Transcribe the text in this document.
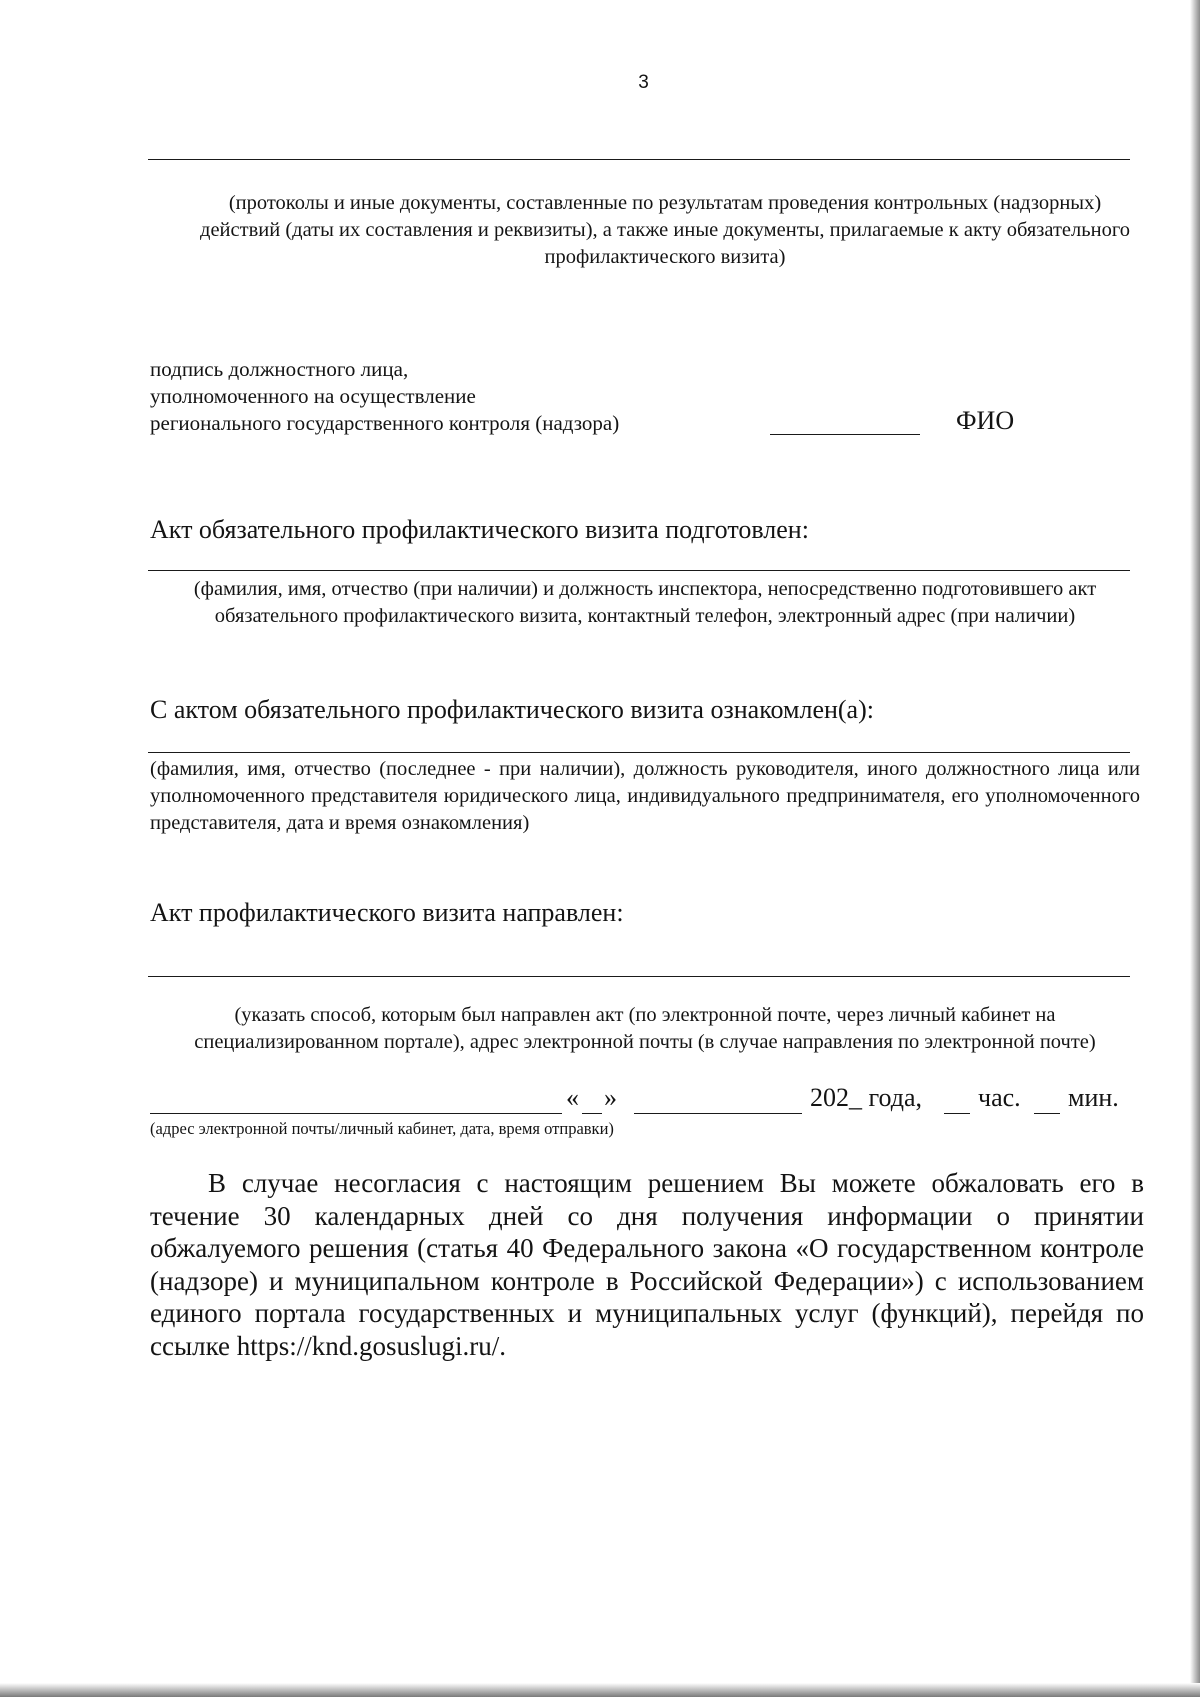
3
(протоколы и иные документы, составленные по результатам проведения контрольных (надзорных) действий (даты их составления и реквизиты), а также иные документы, прилагаемые к акту обязательного профилактического визита)
подпись должностного лица,
уполномоченного на осуществление
регионального государственного контроля (надзора)	ФИО
Акт обязательного профилактического визита подготовлен:
(фамилия, имя, отчество (при наличии) и должность инспектора, непосредственно подготовившего акт обязательного профилактического визита, контактный телефон, электронный адрес (при наличии)
С актом обязательного профилактического визита ознакомлен(а):
(фамилия, имя, отчество (последнее - при наличии), должность руководителя, иного должностного лица или уполномоченного представителя юридического лица, индивидуального предпринимателя, его уполномоченного представителя, дата и время ознакомления)
Акт профилактического визита направлен:
(указать способ, которым был направлен акт (по электронной почте, через личный кабинет на специализированном портале), адрес электронной почты (в случае направления по электронной почте)
« »	202_ года, час. мин.
(адрес электронной почты/личный кабинет, дата, время отправки)
В случае несогласия с настоящим решением Вы можете обжаловать его в течение 30 календарных дней со дня получения информации о принятии обжалуемого решения (статья 40 Федерального закона «О государственном контроле (надзоре) и муниципальном контроле в Российской Федерации») с использованием единого портала государственных и муниципальных услуг (функций), перейдя по ссылке https://knd.gosuslugi.ru/.
